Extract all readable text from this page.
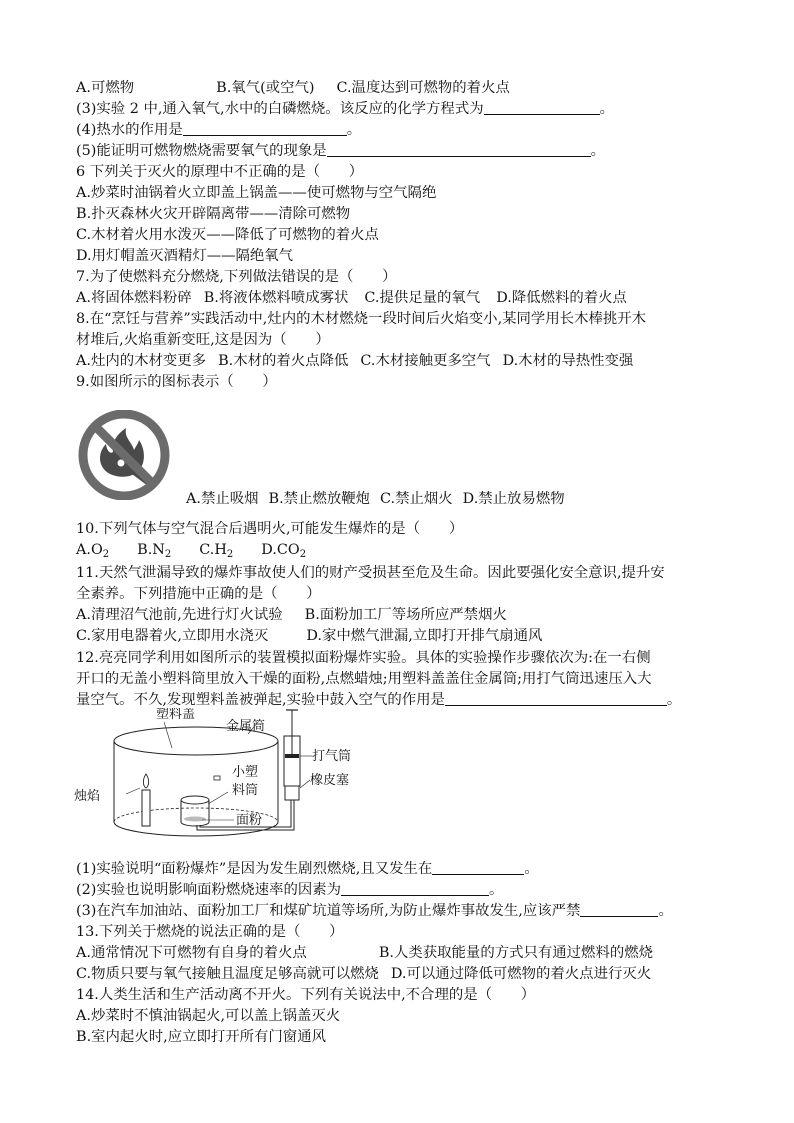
A.可燃物	B.氧气(或空气) C.温度达到可燃物的着火点
(3)实验 2 中,通入氧气,水中的白磷燃烧。该反应的化学方程式为	。
(4)热水的作用是	。
(5)能证明可燃物燃烧需要氧气的现象是	。
6 下列关于灭火的原理中不正确的是（　　）
A.炒菜时油锅着火立即盖上锅盖——使可燃物与空气隔绝
B.扑灭森林火灾开辟隔离带——清除可燃物
C.木材着火用水泼灭——降低了可燃物的着火点
D.用灯帽盖灭酒精灯——隔绝氧气
7.为了使燃料充分燃烧,下列做法错误的是（　　）
A.将固体燃料粉碎 B.将液体燃料喷成雾状 C.提供足量的氧气 D.降低燃料的着火点
8.在“烹饪与营养”实践活动中,灶内的木材燃烧一段时间后火焰变小,某同学用长木棒挑开木
材堆后,火焰重新变旺,这是因为（　　）
A.灶内的木材变更多 B.木材的着火点降低 C.木材接触更多空气 D.木材的导热性变强
9.如图所示的图标表示（　　）
A.禁止吸烟 B.禁止燃放鞭炮 C.禁止烟火 D.禁止放易燃物
10.下列气体与空气混合后遇明火,可能发生爆炸的是（　　）
$A.O_2$ $B.N_2$ $C.H_2$ $D.CO_2$
11.天然气泄漏导致的爆炸事故使人们的财产受损甚至危及生命。因此要强化安全意识,提升安
全素养。下列措施中正确的是（　　）
A.清理沼气池前,先进行灯火试验 B.面粉加工厂等场所应严禁烟火
C.家用电器着火,立即用水浇灭	D.家中燃气泄漏,立即打开排气扇通风
12.亮亮同学利用如图所示的装置模拟面粉爆炸实验。具体的实验操作步骤依次为:在一右侧
开口的无盖小塑料筒里放入干燥的面粉,点燃蜡烛;用塑料盖盖住金属筒;用打气筒迅速压入大
量空气。不久,发现塑料盖被弹起,实验中鼓入空气的作用是	。
塑料盖
金属筒
打气筒
小塑
料筒
橡皮塞
烛焰
面粉
(1)实验说明“面粉爆炸”是因为发生剧烈燃烧,且又发生在	。
(2)实验也说明影响面粉燃烧速率的因素为	。
(3)在汽车加油站、面粉加工厂和煤矿坑道等场所,为防止爆炸事故发生,应该严禁	。
13.下列关于燃烧的说法正确的是（　　）
A.通常情况下可燃物有自身的着火点	B.人类获取能量的方式只有通过燃料的燃烧
C.物质只要与氧气接触且温度足够高就可以燃烧 D.可以通过降低可燃物的着火点进行灭火
14.人类生活和生产活动离不开火。下列有关说法中,不合理的是（　　）
A.炒菜时不慎油锅起火,可以盖上锅盖灭火
B.室内起火时,应立即打开所有门窗通风
